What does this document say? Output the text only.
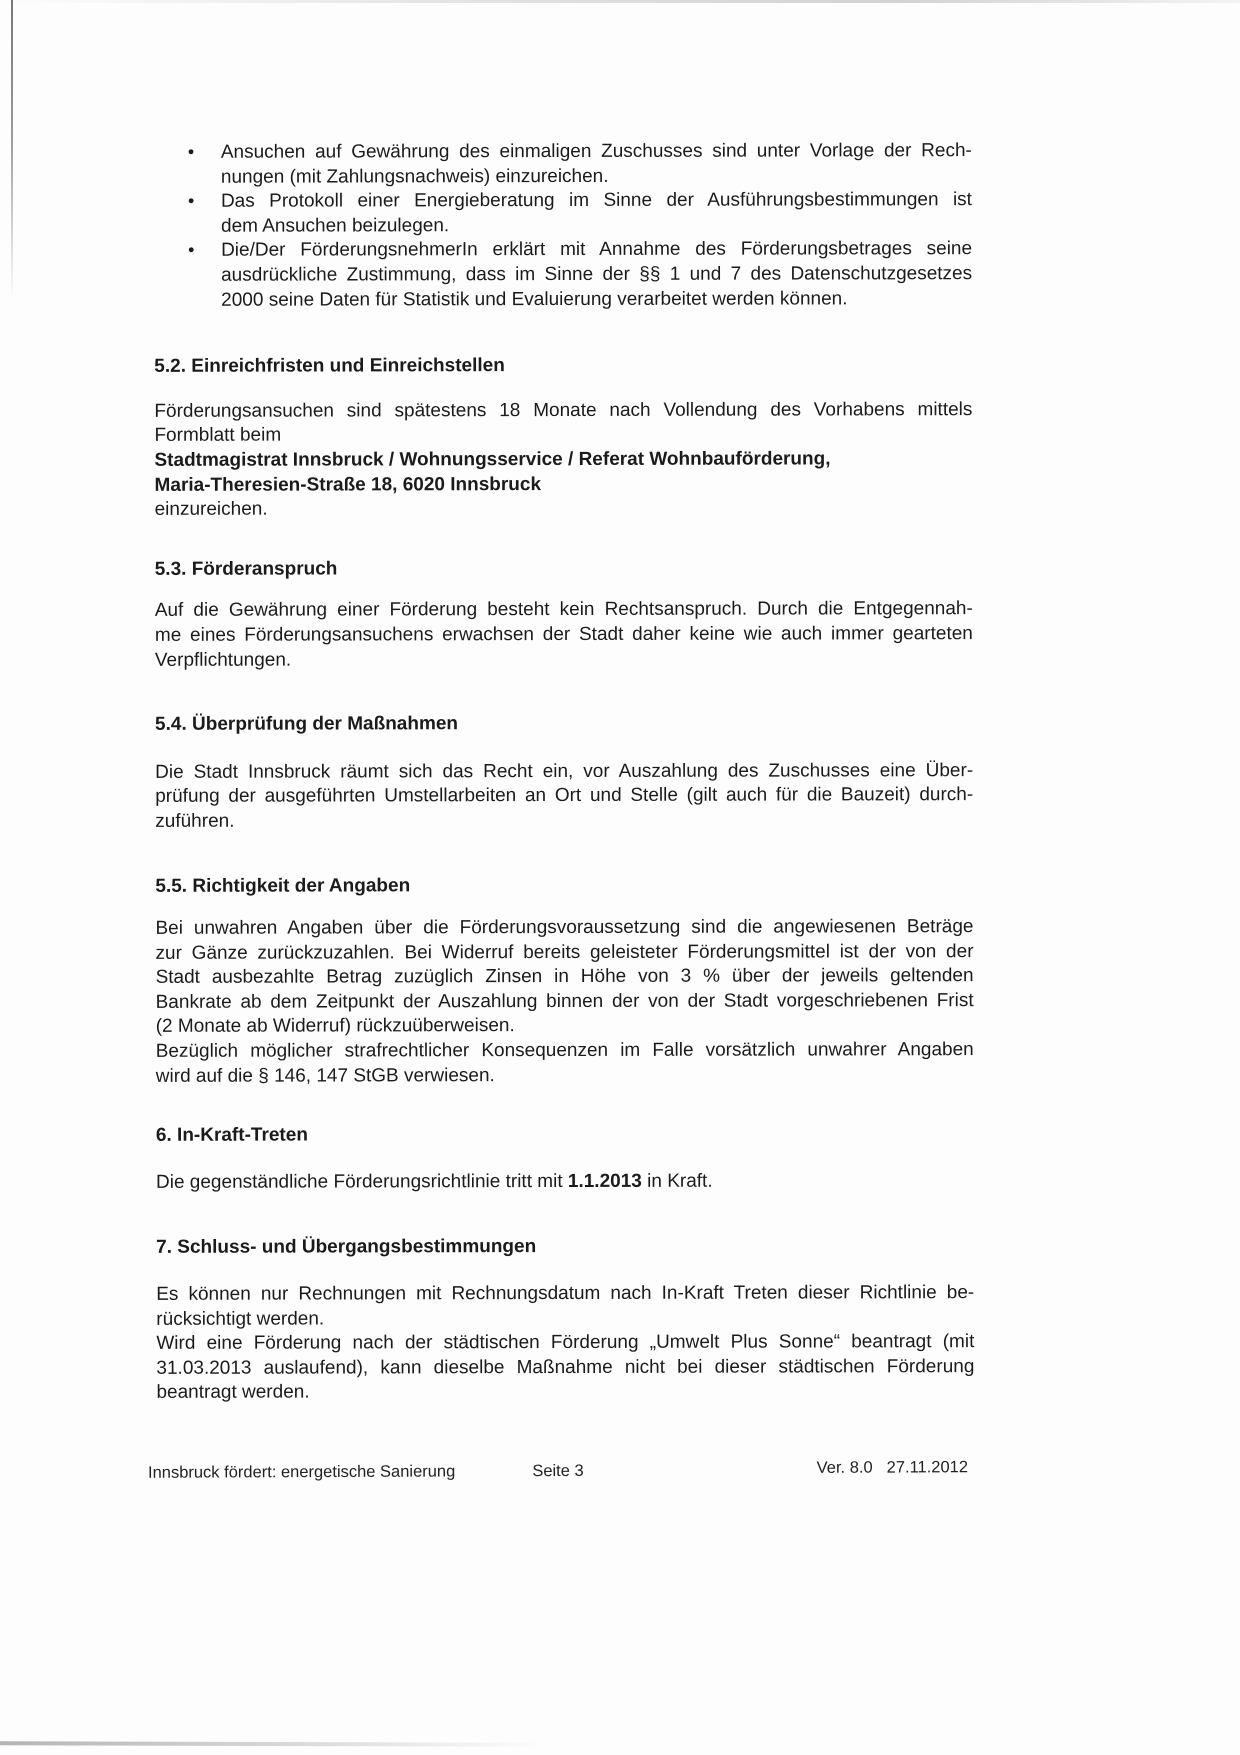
• Ansuchen auf Gewährung des einmaligen Zuschusses sind unter Vorlage der Rech-
nungen (mit Zahlungsnachweis) einzureichen.
• Das Protokoll einer Energieberatung im Sinne der Ausführungsbestimmungen ist
dem Ansuchen beizulegen.
• Die/Der FörderungsnehmerIn erklärt mit Annahme des Förderungsbetrages seine
ausdrückliche Zustimmung, dass im Sinne der §§ 1 und 7 des Datenschutzgesetzes
2000 seine Daten für Statistik und Evaluierung verarbeitet werden können.
5.2. Einreichfristen und Einreichstellen
Förderungsansuchen sind spätestens 18 Monate nach Vollendung des Vorhabens mittels
Formblatt beim
Stadtmagistrat Innsbruck / Wohnungsservice / Referat Wohnbauförderung,
Maria-Theresien-Straße 18, 6020 Innsbruck
einzureichen.
5.3. Förderanspruch
Auf die Gewährung einer Förderung besteht kein Rechtsanspruch. Durch die Entgegennah-
me eines Förderungsansuchens erwachsen der Stadt daher keine wie auch immer gearteten
Verpflichtungen.
5.4. Überprüfung der Maßnahmen
Die Stadt Innsbruck räumt sich das Recht ein, vor Auszahlung des Zuschusses eine Über-
prüfung der ausgeführten Umstellarbeiten an Ort und Stelle (gilt auch für die Bauzeit) durch-
zuführen.
5.5. Richtigkeit der Angaben
Bei unwahren Angaben über die Förderungsvoraussetzung sind die angewiesenen Beträge
zur Gänze zurückzuzahlen. Bei Widerruf bereits geleisteter Förderungsmittel ist der von der
Stadt ausbezahlte Betrag zuzüglich Zinsen in Höhe von 3 % über der jeweils geltenden
Bankrate ab dem Zeitpunkt der Auszahlung binnen der von der Stadt vorgeschriebenen Frist
(2 Monate ab Widerruf) rückzuüberweisen.
Bezüglich möglicher strafrechtlicher Konsequenzen im Falle vorsätzlich unwahrer Angaben
wird auf die § 146, 147 StGB verwiesen.
6. In-Kraft-Treten
Die gegenständliche Förderungsrichtlinie tritt mit 1.1.2013 in Kraft.
7. Schluss- und Übergangsbestimmungen
Es können nur Rechnungen mit Rechnungsdatum nach In-Kraft Treten dieser Richtlinie be-
rücksichtigt werden.
Wird eine Förderung nach der städtischen Förderung „Umwelt Plus Sonne“ beantragt (mit
31.03.2013 auslaufend), kann dieselbe Maßnahme nicht bei dieser städtischen Förderung
beantragt werden.
Innsbruck fördert: energetische Sanierung	Seite 3	Ver. 8.0 27.11.2012
